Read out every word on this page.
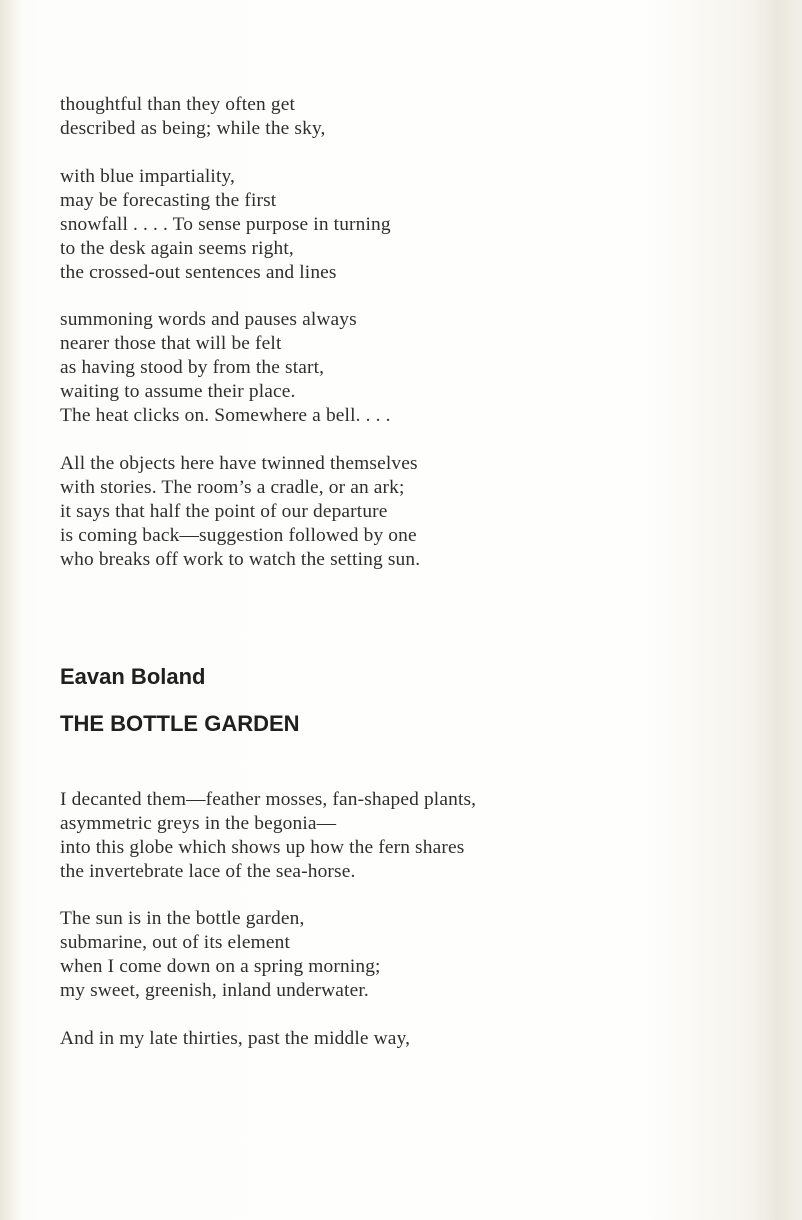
thoughtful than they often get
described as being; while the sky,
with blue impartiality,
may be forecasting the first
snowfall . . . . To sense purpose in turning
to the desk again seems right,
the crossed-out sentences and lines
summoning words and pauses always
nearer those that will be felt
as having stood by from the start,
waiting to assume their place.
The heat clicks on. Somewhere a bell. . . .
All the objects here have twinned themselves
with stories. The room’s a cradle, or an ark;
it says that half the point of our departure
is coming back—suggestion followed by one
who breaks off work to watch the setting sun.
Eavan Boland
THE BOTTLE GARDEN
I decanted them—feather mosses, fan-shaped plants,
asymmetric greys in the begonia—
into this globe which shows up how the fern shares
the invertebrate lace of the sea-horse.
The sun is in the bottle garden,
submarine, out of its element
when I come down on a spring morning;
my sweet, greenish, inland underwater.
And in my late thirties, past the middle way,
